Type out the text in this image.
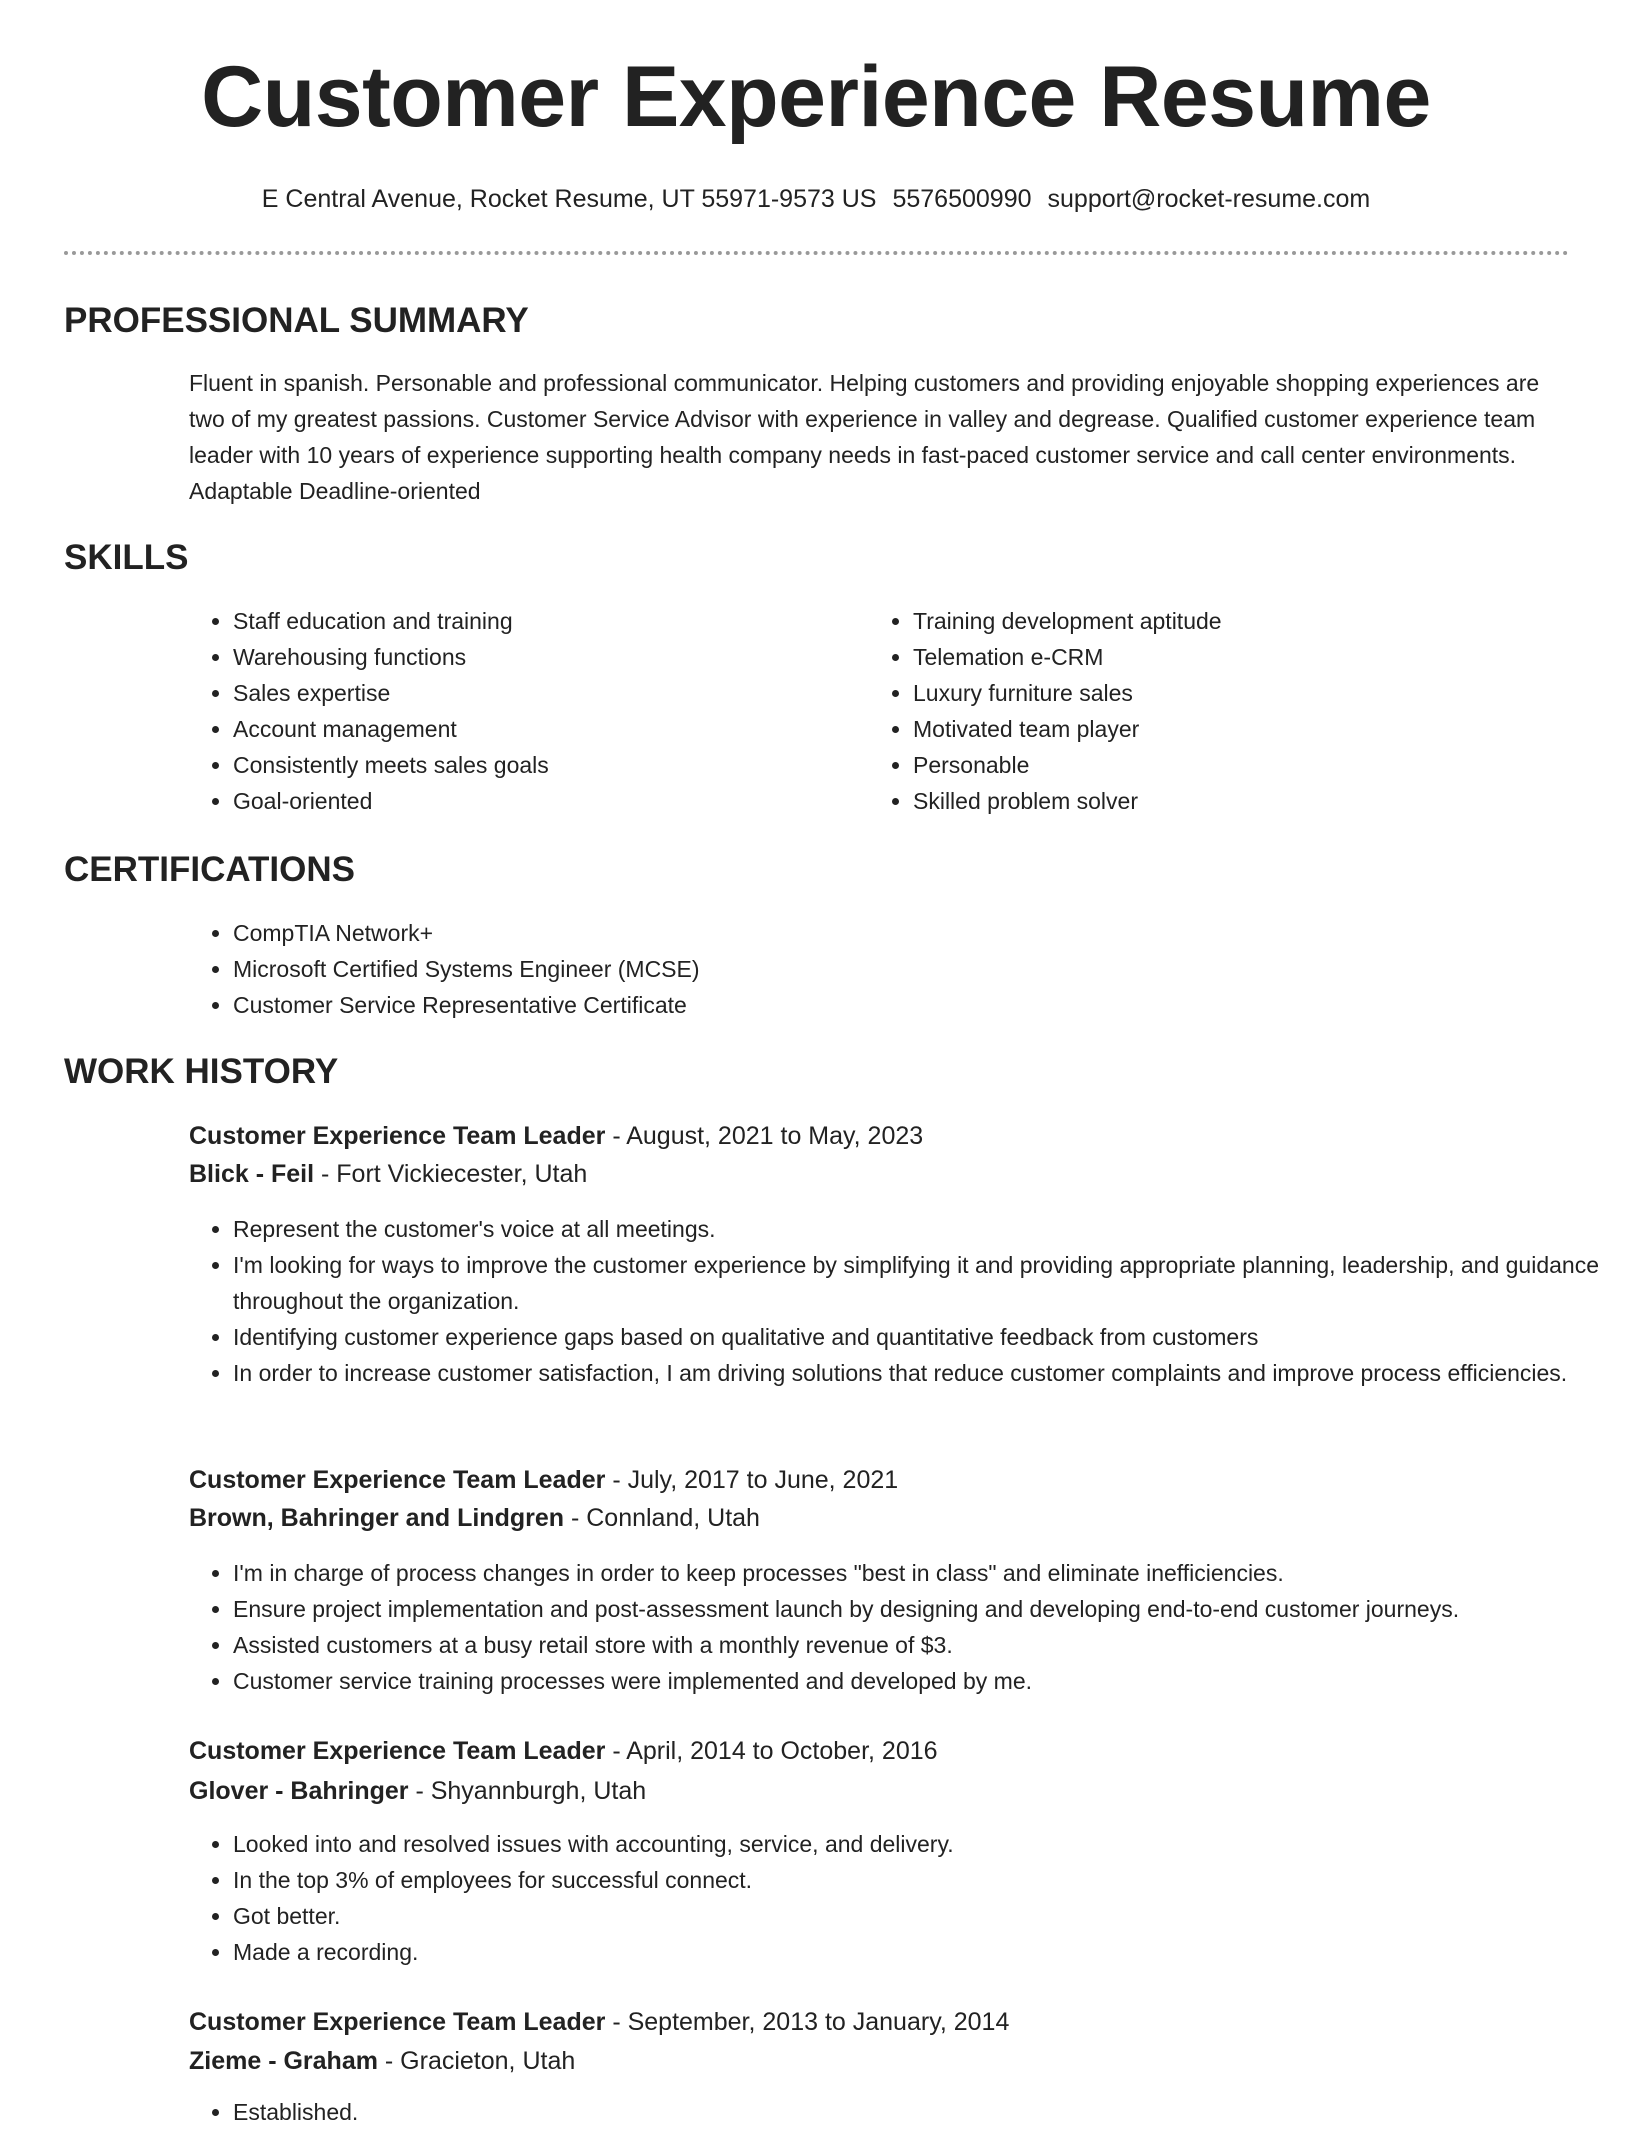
Customer Experience Resume
E Central Avenue, Rocket Resume, UT 55971-9573 US 5576500990 support@rocket-resume.com
PROFESSIONAL SUMMARY

Fluent in spanish. Personable and professional communicator. Helping customers and providing enjoyable shopping experiences are two of my greatest passions. Customer Service Advisor with experience in valley and degrease. Qualified customer experience team leader with 10 years of experience supporting health company needs in fast-paced customer service and call center environments. Adaptable Deadline-oriented

SKILLS
• Staff education and training
• Warehousing functions
• Sales expertise
• Account management
• Consistently meets sales goals
• Goal-oriented
• Training development aptitude
• Telemation e-CRM
• Luxury furniture sales
• Motivated team player
• Personable
• Skilled problem solver
CERTIFICATIONS
• CompTIA Network+
• Microsoft Certified Systems Engineer (MCSE)
• Customer Service Representative Certificate
WORK HISTORY
Customer Experience Team Leader - August, 2021 to May, 2023
Blick - Feil - Fort Vickiecester, Utah
• Represent the customer's voice at all meetings.
• I'm looking for ways to improve the customer experience by simplifying it and providing appropriate planning, leadership, and guidance throughout the organization.
• Identifying customer experience gaps based on qualitative and quantitative feedback from customers
• In order to increase customer satisfaction, I am driving solutions that reduce customer complaints and improve process efficiencies.
Customer Experience Team Leader - July, 2017 to June, 2021
Brown, Bahringer and Lindgren - Connland, Utah
• I'm in charge of process changes in order to keep processes "best in class" and eliminate inefficiencies.
• Ensure project implementation and post-assessment launch by designing and developing end-to-end customer journeys.
• Assisted customers at a busy retail store with a monthly revenue of $3.
• Customer service training processes were implemented and developed by me.
Customer Experience Team Leader - April, 2014 to October, 2016
Glover - Bahringer - Shyannburgh, Utah
• Looked into and resolved issues with accounting, service, and delivery.
• In the top 3% of employees for successful connect.
• Got better.
• Made a recording.
Customer Experience Team Leader - September, 2013 to January, 2014
Zieme - Graham - Gracieton, Utah
• Established.
